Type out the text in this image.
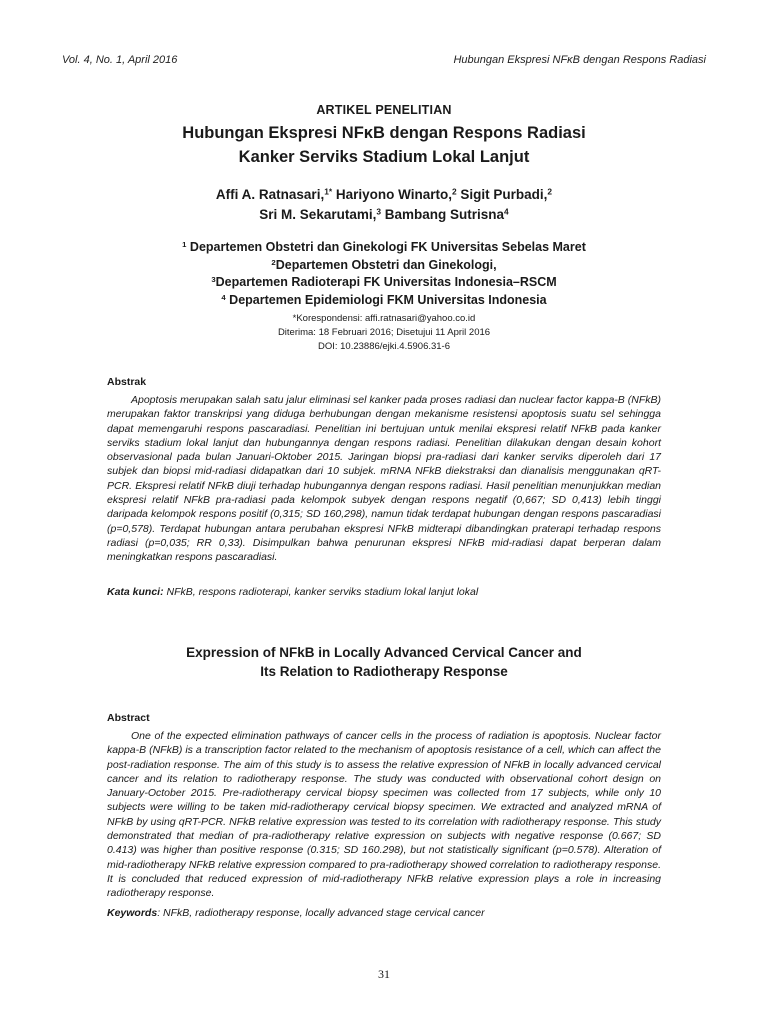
Vol. 4, No. 1, April 2016	Hubungan Ekspresi NFκB dengan Respons Radiasi
ARTIKEL PENELITIAN
Hubungan Ekspresi NFκB dengan Respons Radiasi
Kanker Serviks Stadium Lokal Lanjut
Affi A. Ratnasari,$^{1*}$ Hariyono Winarto,$^2$ Sigit Purbadi,$^2$
Sri M. Sekarutami,$^3$ Bambang Sutrisna$^4$
$^1$ Departemen Obstetri dan Ginekologi FK Universitas Sebelas Maret
$^2$Departemen Obstetri dan Ginekologi,
$^3$Departemen Radioterapi FK Universitas Indonesia–RSCM
$^4$ Departemen Epidemiologi FKM Universitas Indonesia
*Korespondensi: affi.ratnasari@yahoo.co.id
Diterima: 18 Februari 2016; Disetujui 11 April 2016
DOI: 10.23886/ejki.4.5906.31-6
Abstrak

Apoptosis merupakan salah satu jalur eliminasi sel kanker pada proses radiasi dan nuclear factor kappa-B (NFkB) merupakan faktor transkripsi yang diduga berhubungan dengan mekanisme resistensi apoptosis suatu sel sehingga dapat memengaruhi respons pascaradiasi. Penelitian ini bertujuan untuk menilai ekspresi relatif NFkB pada kanker serviks stadium lokal lanjut dan hubungannya dengan respons radiasi. Penelitian dilakukan dengan desain kohort observasional pada bulan Januari-Oktober 2015. Jaringan biopsi pra-radiasi dari kanker serviks diperoleh dari 17 subjek dan biopsi mid-radiasi didapatkan dari 10 subjek. mRNA NFkB diekstraksi dan dianalisis menggunakan qRT-PCR. Ekspresi relatif NFkB diuji terhadap hubungannya dengan respons radiasi. Hasil penelitian menunjukkan median ekspresi relatif NFkB pra-radiasi pada kelompok subyek dengan respons negatif (0,667; SD 0,413) lebih tinggi daripada kelompok respons positif (0,315; SD 160,298), namun tidak terdapat hubungan dengan respons pascaradiasi (p=0,578). Terdapat hubungan antara perubahan ekspresi NFkB midterapi dibandingkan praterapi terhadap respons radiasi (p=0,035; RR 0,33). Disimpulkan bahwa penurunan ekspresi NFkB mid-radiasi dapat berperan dalam meningkatkan respons pascaradiasi.

Kata kunci: NFkB, respons radioterapi, kanker serviks stadium lokal lanjut lokal
Expression of NFkB in Locally Advanced Cervical Cancer and
Its Relation to Radiotherapy Response
Abstract

One of the expected elimination pathways of cancer cells in the process of radiation is apoptosis. Nuclear factor kappa-B (NFkB) is a transcription factor related to the mechanism of apoptosis resistance of a cell, which can affect the post-radiation response. The aim of this study is to assess the relative expression of NFkB in locally advanced cervical cancer and its relation to radiotherapy response. The study was conducted with observational cohort design on January-October 2015. Pre-radiotherapy cervical biopsy specimen was collected from 17 subjects, while only 10 subjects were willing to be taken mid-radiotherapy cervical biopsy specimen. We extracted and analyzed mRNA of NFkB by using qRT-PCR. NFkB relative expression was tested to its correlation with radiotherapy response. This study demonstrated that median of pra-radiotherapy relative expression on subjects with negative response (0.667; SD 0.413) was higher than positive response (0.315; SD 160.298), but not statistically significant (p=0.578). Alteration of mid-radiotherapy NFkB relative expression compared to pra-radiotherapy showed correlation to radiotherapy response. It is concluded that reduced expression of mid-radiotherapy NFkB relative expression plays a role in increasing radiotherapy response.

Keywords: NFkB, radiotherapy response, locally advanced stage cervical cancer
31
